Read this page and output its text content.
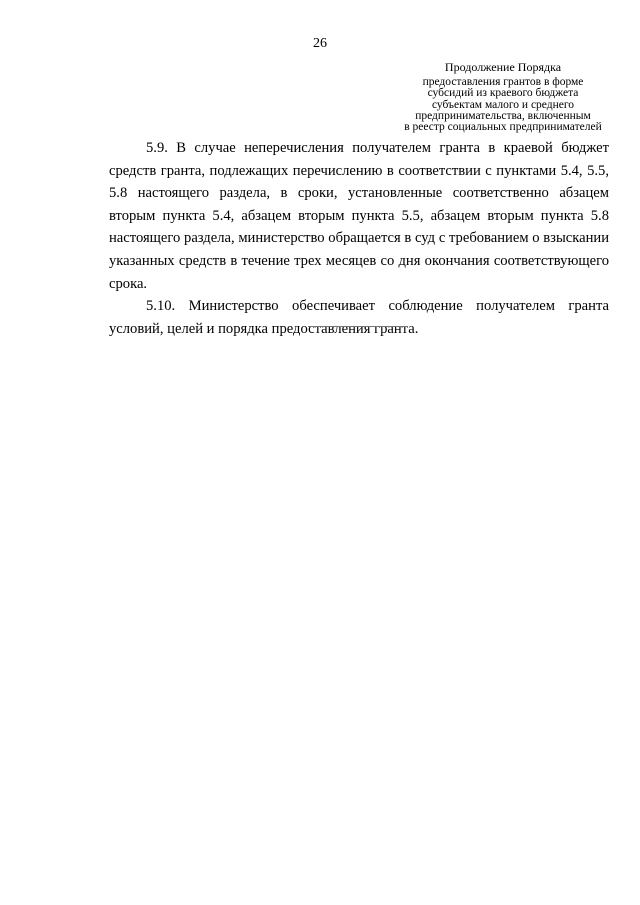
26
Продолжение Порядка
предоставления грантов в форме
субсидий из краевого бюджета
субъектам малого и среднего
предпринимательства, включенным
в реестр социальных предпринимателей

5.9. В случае неперечисления получателем гранта в краевой бюджет средств гранта, подлежащих перечислению в соответствии с пунктами 5.4, 5.5, 5.8 настоящего раздела, в сроки, установленные соответственно абзацем вторым пункта 5.4, абзацем вторым пункта 5.5, абзацем вторым пункта 5.8 настоящего раздела, министерство обращается в суд с требованием о взыскании указанных средств в течение трех месяцев со дня окончания соответствующего срока.

5.10. Министерство обеспечивает соблюдение получателем гранта условий, целей и порядка предоставления гранта.
